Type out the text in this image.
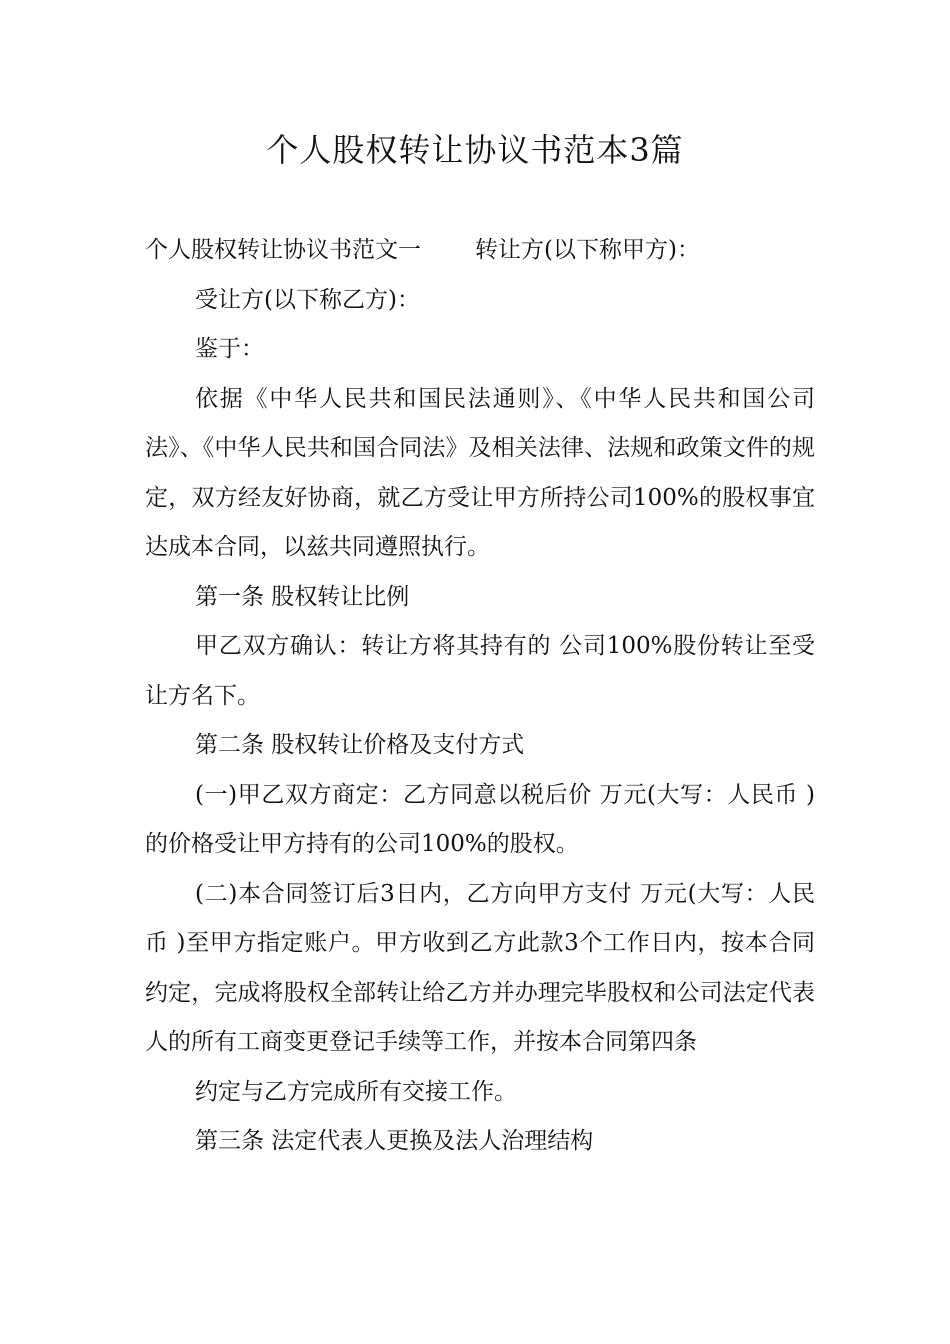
个人股权转让协议书范本3篇

个人股权转让协议书范文一 转让方(以下称甲方)：

受让方(以下称乙方)：

鉴于：

依据《中华人民共和国民法通则》、《中华人民共和国公司法》、《中华人民共和国合同法》及相关法律、法规和政策文件的规定，双方经友好协商，就乙方受让甲方所持公司100%的股权事宜达成本合同，以兹共同遵照执行。

第一条 股权转让比例

甲乙双方确认：转让方将其持有的 公司100%股份转让至受让方名下。

第二条 股权转让价格及支付方式

(一)甲乙双方商定：乙方同意以税后价 万元(大写：人民币 )的价格受让甲方持有的公司100%的股权。

(二)本合同签订后3日内，乙方向甲方支付 万元(大写：人民币 )至甲方指定账户。甲方收到乙方此款3个工作日内，按本合同约定，完成将股权全部转让给乙方并办理完毕股权和公司法定代表人的所有工商变更登记手续等工作，并按本合同第四条

约定与乙方完成所有交接工作。

第三条 法定代表人更换及法人治理结构
